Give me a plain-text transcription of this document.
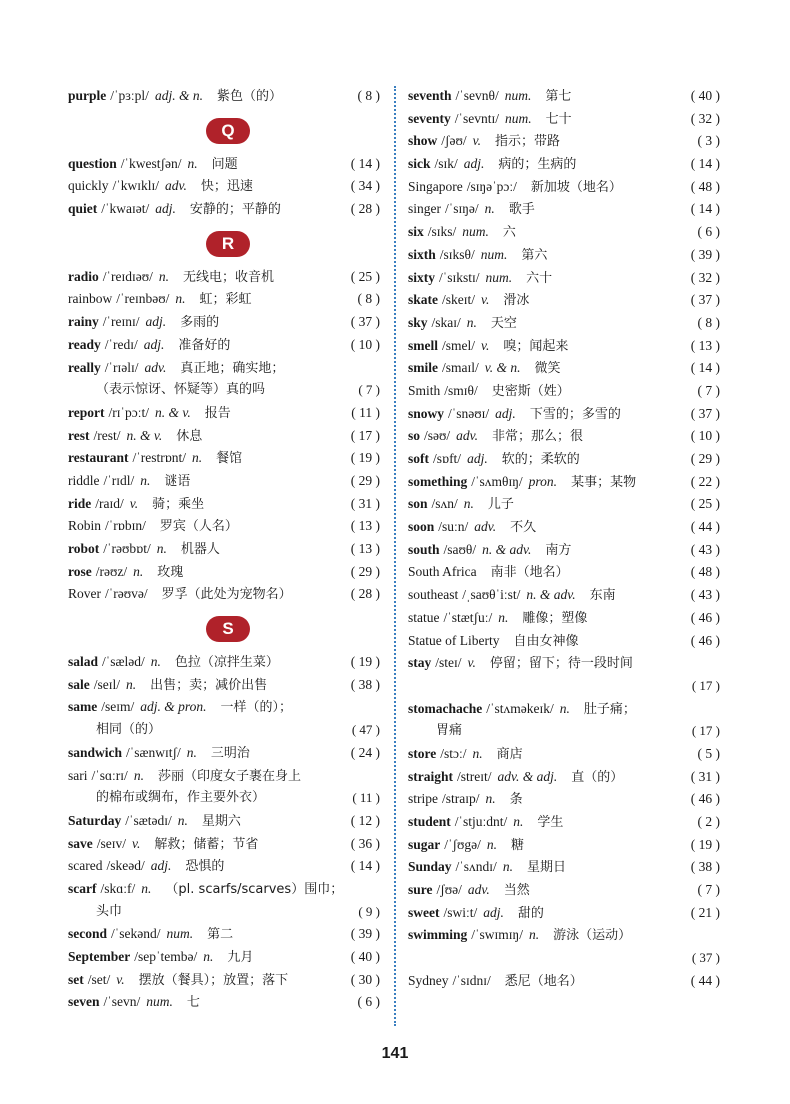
purple /ˈpɜːpl/ adj. & n. 紫色（的）	( 8 )
Q
question /ˈkwestʃən/ n. 问题	( 14 )
quickly /ˈkwɪklɪ/ adv. 快；迅速	( 34 )
quiet /ˈkwaɪət/ adj. 安静的；平静的	( 28 )
R
radio /ˈreɪdɪəʊ/ n. 无线电；收音机	( 25 )
rainbow /ˈreɪnbəʊ/ n. 虹；彩虹	( 8 )
rainy /ˈreɪnɪ/ adj. 多雨的	( 37 )
ready /ˈredɪ/ adj. 准备好的	( 10 )
really /ˈrɪəlɪ/ adv. 真正地；确实地；
（表示惊讶、怀疑等）真的吗	( 7 )
report /rɪˈpɔːt/ n. & v. 报告	( 11 )
rest /rest/ n. & v. 休息	( 17 )
restaurant /ˈrestrɒnt/ n. 餐馆	( 19 )
riddle /ˈrɪdl/ n. 谜语	( 29 )
ride /raɪd/ v. 骑；乘坐	( 31 )
Robin /ˈrɒbɪn/ 罗宾（人名）	( 13 )
robot /ˈrəʊbɒt/ n. 机器人	( 13 )
rose /rəʊz/ n. 玫瑰	( 29 )
Rover /ˈrəʊvə/ 罗孚（此处为宠物名）	( 28 )
S
salad /ˈsæləd/ n. 色拉（凉拌生菜）	( 19 )
sale /seɪl/ n. 出售；卖；减价出售	( 38 )
same /seɪm/ adj. & pron. 一样（的）；
相同（的）	( 47 )
sandwich /ˈsænwɪtʃ/ n. 三明治	( 24 )
sari /ˈsɑːrɪ/ n. 莎丽（印度女子裹在身上
的棉布或绸布，作主要外衣）	( 11 )
Saturday /ˈsætədɪ/ n. 星期六	( 12 )
save /seɪv/ v. 解救；储蓄；节省	( 36 )
scared /skeəd/ adj. 恐惧的	( 14 )
scarf /skɑːf/ n. （pl. scarfs/scarves）围巾；
头巾	( 9 )
second /ˈsekənd/ num. 第二	( 39 )
September /sepˈtembə/ n. 九月	( 40 )
set /set/ v. 摆放（餐具）；放置；落下	( 30 )
seven /ˈsevn/ num. 七	( 6 )
seventh /ˈsevnθ/ num. 第七	( 40 )
seventy /ˈsevntɪ/ num. 七十	( 32 )
show /ʃəʊ/ v. 指示；带路	( 3 )
sick /sɪk/ adj. 病的；生病的	( 14 )
Singapore /sɪŋəˈpɔː/ 新加坡（地名）	( 48 )
singer /ˈsɪŋə/ n. 歌手	( 14 )
six /sɪks/ num. 六	( 6 )
sixth /sɪksθ/ num. 第六	( 39 )
sixty /ˈsɪkstɪ/ num. 六十	( 32 )
skate /skeɪt/ v. 滑冰	( 37 )
sky /skaɪ/ n. 天空	( 8 )
smell /smel/ v. 嗅；闻起来	( 13 )
smile /smaɪl/ v. & n. 微笑	( 14 )
Smith /smɪθ/ 史密斯（姓）	( 7 )
snowy /ˈsnəʊɪ/ adj. 下雪的；多雪的	( 37 )
so /səʊ/ adv. 非常；那么；很	( 10 )
soft /sɒft/ adj. 软的；柔软的	( 29 )
something /ˈsʌmθɪŋ/ pron. 某事；某物	( 22 )
son /sʌn/ n. 儿子	( 25 )
soon /suːn/ adv. 不久	( 44 )
south /saʊθ/ n. & adv. 南方	( 43 )
South Africa 南非（地名）	( 48 )
southeast /ˌsaʊθˈiːst/ n. & adv. 东南	( 43 )
statue /ˈstætʃuː/ n. 雕像；塑像	( 46 )
Statue of Liberty 自由女神像	( 46 )
stay /steɪ/ v. 停留；留下；待一段时间
( 17 )
stomachache /ˈstʌməkeɪk/ n. 肚子痛；
胃痛	( 17 )
store /stɔː/ n. 商店	( 5 )
straight /streɪt/ adv. & adj. 直（的）	( 31 )
stripe /straɪp/ n. 条	( 46 )
student /ˈstjuːdnt/ n. 学生	( 2 )
sugar /ˈʃʊgə/ n. 糖	( 19 )
Sunday /ˈsʌndɪ/ n. 星期日	( 38 )
sure /ʃʊə/ adv. 当然	( 7 )
sweet /swiːt/ adj. 甜的	( 21 )
swimming /ˈswɪmɪŋ/ n. 游泳（运动）
( 37 )
Sydney /ˈsɪdnɪ/ 悉尼（地名）	( 44 )
141
